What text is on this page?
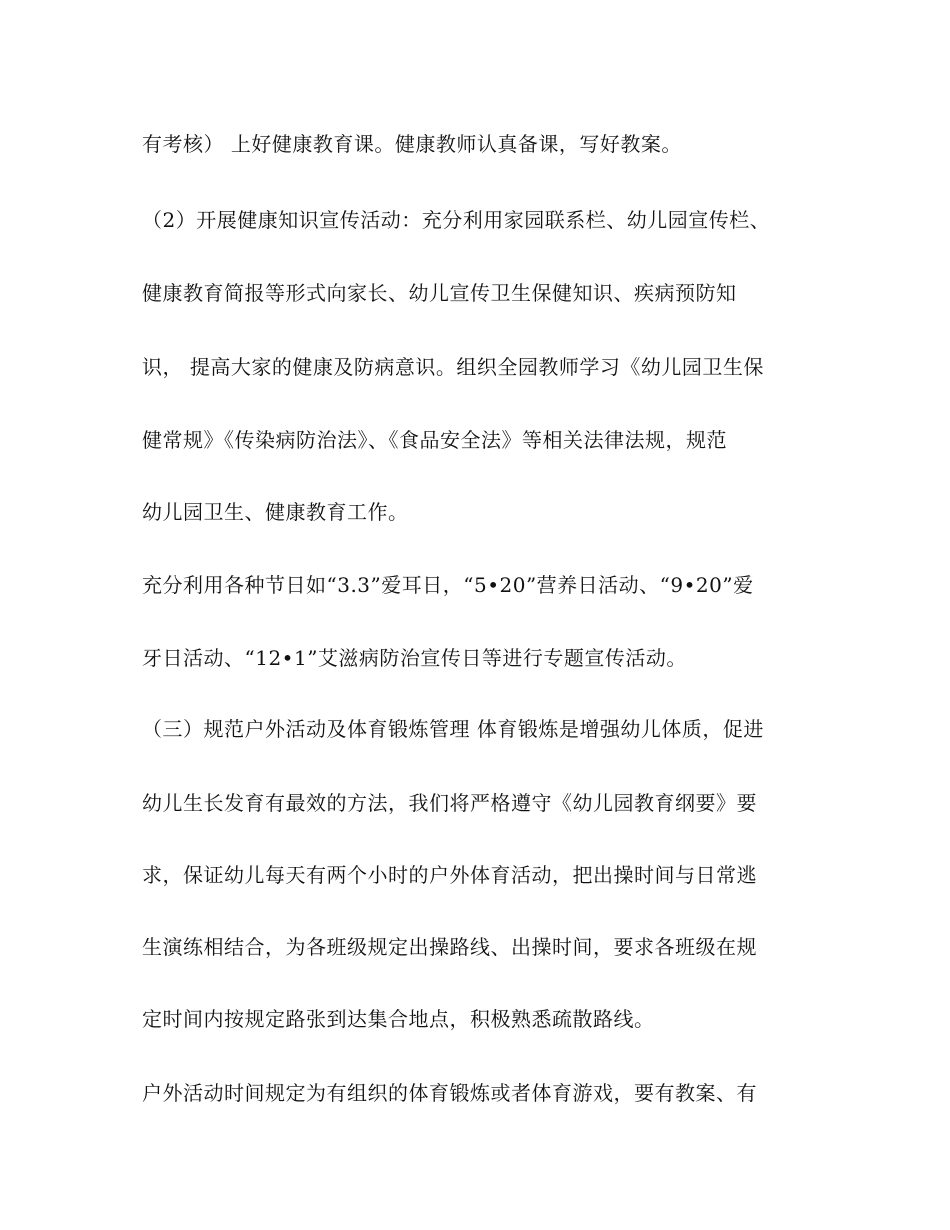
有考核） 上好健康教育课。健康教师认真备课，写好教案。
（2）开展健康知识宣传活动：充分利用家园联系栏、幼儿园宣传栏、
健康教育简报等形式向家长、幼儿宣传卫生保健知识、疾病预防知
识， 提高大家的健康及防病意识。组织全园教师学习《幼儿园卫生保
健常规》《传染病防治法》、《食品安全法》等相关法律法规，规范
幼儿园卫生、健康教育工作。
充分利用各种节日如“3.3”爱耳日，“5•20”营养日活动、“9•20”爱
牙日活动、“12•1”艾滋病防治宣传日等进行专题宣传活动。
（三）规范户外活动及体育锻炼管理 体育锻炼是增强幼儿体质，促进
幼儿生长发育有最效的方法，我们将严格遵守《幼儿园教育纲要》要
求，保证幼儿每天有两个小时的户外体育活动，把出操时间与日常逃
生演练相结合，为各班级规定出操路线、出操时间，要求各班级在规
定时间内按规定路张到达集合地点，积极熟悉疏散路线。
户外活动时间规定为有组织的体育锻炼或者体育游戏，要有教案、有
